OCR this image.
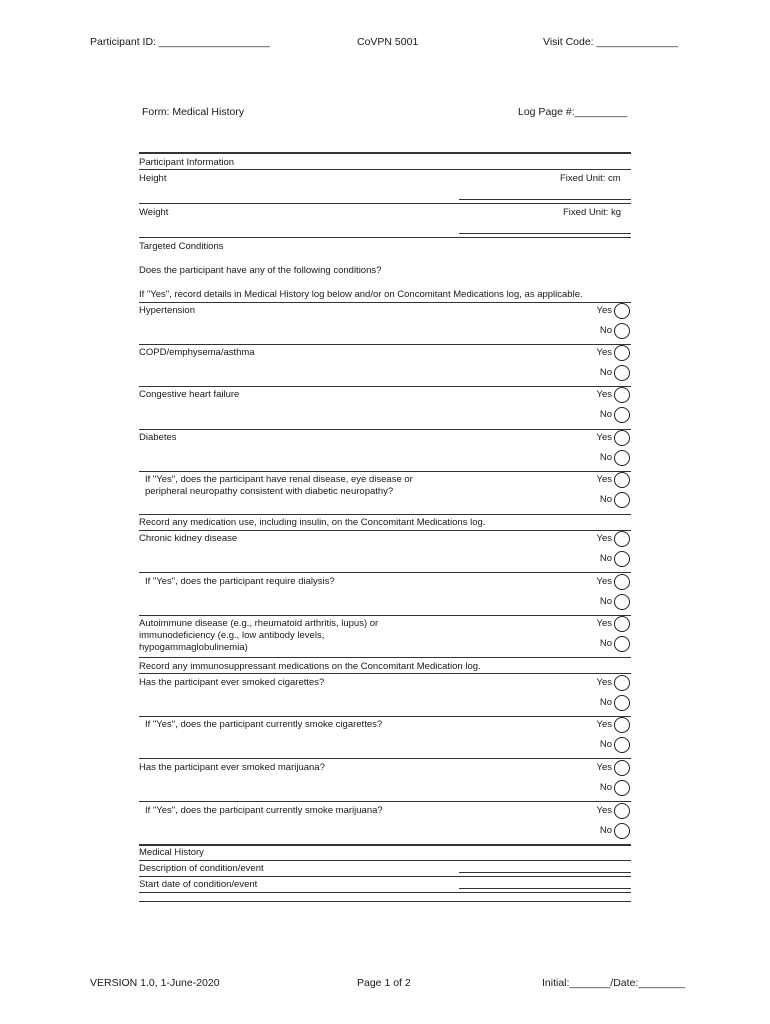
Participant ID: ___________________	CoVPN 5001	Visit Code: ______________
Form: Medical History	Log Page #:_________
Participant Information
Height	Fixed Unit: cm
Weight	Fixed Unit: kg
Targeted Conditions
Does the participant have any of the following conditions?
If "Yes", record details in Medical History log below and/or on Concomitant Medications log, as applicable.
Hypertension	Yes
No
COPD/emphysema/asthma	Yes
No
Congestive heart failure	Yes
No
Diabetes	Yes
No
If "Yes", does the participant have renal disease, eye disease or peripheral neuropathy consistent with diabetic neuropathy?
Yes
No
Record any medication use, including insulin, on the Concomitant Medications log.
Chronic kidney disease	Yes
No
If "Yes", does the participant require dialysis?	Yes
No
Autoimmune disease (e.g., rheumatoid arthritis, lupus) or immunodeficiency (e.g., low antibody levels, hypogammaglobulinemia)
Yes
No
Record any immunosuppressant medications on the Concomitant Medication log.
Has the participant ever smoked cigarettes?	Yes
No
If "Yes", does the participant currently smoke cigarettes?	Yes
No
Has the participant ever smoked marijuana?	Yes
No
If "Yes", does the participant currently smoke marijuana?	Yes
No
Medical History
Description of condition/event
Start date of condition/event
VERSION 1.0, 1-June-2020	Page 1 of 2	Initial:_______/Date:________
